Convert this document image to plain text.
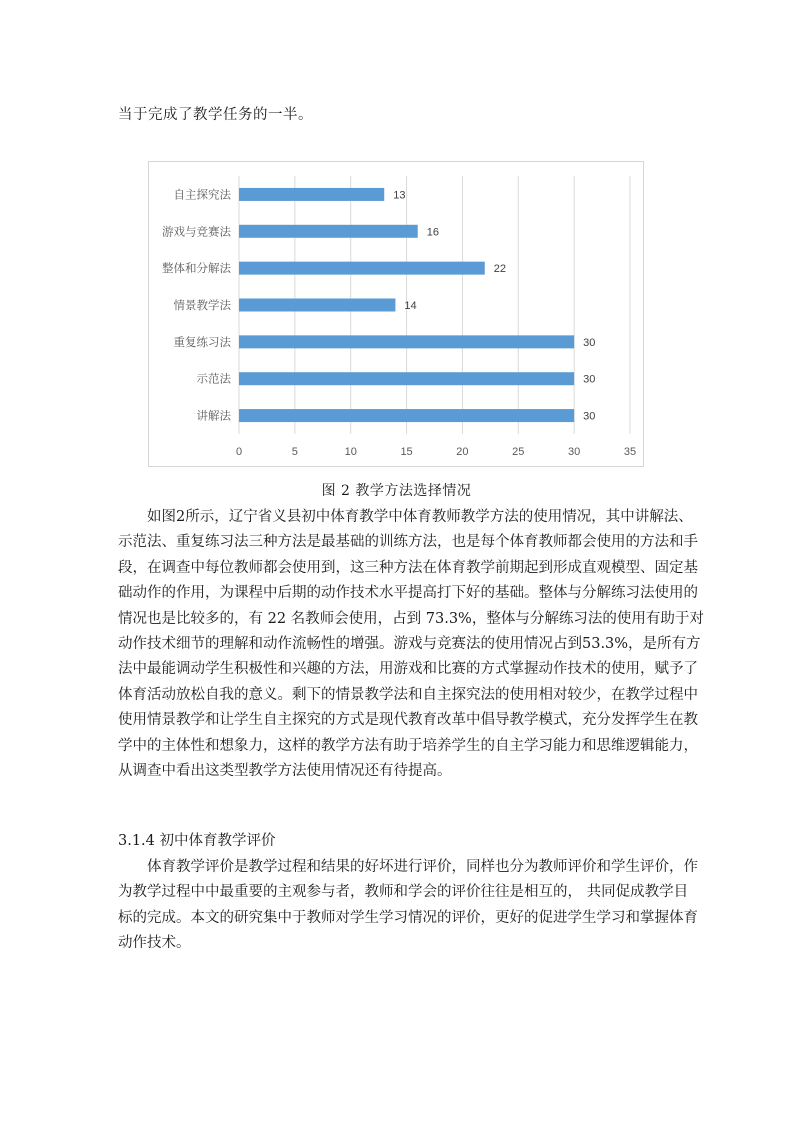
当于完成了教学任务的一半。
0	5	10	15	20	25	30	35
自主探究法	13
游戏与竞赛法	16
整体和分解法	22
情景教学法	14
重复练习法	30
示范法	30
讲解法	30
图 2 教学方法选择情况
如图2所示，辽宁省义县初中体育教学中体育教师教学方法的使用情况，其中讲解法、
示范法、重复练习法三种方法是最基础的训练方法，也是每个体育教师都会使用的方法和手
段，在调查中每位教师都会使用到，这三种方法在体育教学前期起到形成直观模型、固定基
础动作的作用，为课程中后期的动作技术水平提高打下好的基础。整体与分解练习法使用的
情况也是比较多的，有 22 名教师会使用，占到 73.3%，整体与分解练习法的使用有助于对
动作技术细节的理解和动作流畅性的增强。游戏与竞赛法的使用情况占到53.3%，是所有方
法中最能调动学生积极性和兴趣的方法，用游戏和比赛的方式掌握动作技术的使用，赋予了
体育活动放松自我的意义。剩下的情景教学法和自主探究法的使用相对较少，在教学过程中
使用情景教学和让学生自主探究的方式是现代教育改革中倡导教学模式，充分发挥学生在教
学中的主体性和想象力，这样的教学方法有助于培养学生的自主学习能力和思维逻辑能力，
从调查中看出这类型教学方法使用情况还有待提高。
3.1.4 初中体育教学评价
体育教学评价是教学过程和结果的好坏进行评价，同样也分为教师评价和学生评价，作
为教学过程中中最重要的主观参与者，教师和学会的评价往往是相互的， 共同促成教学目
标的完成。本文的研究集中于教师对学生学习情况的评价，更好的促进学生学习和掌握体育
动作技术。
